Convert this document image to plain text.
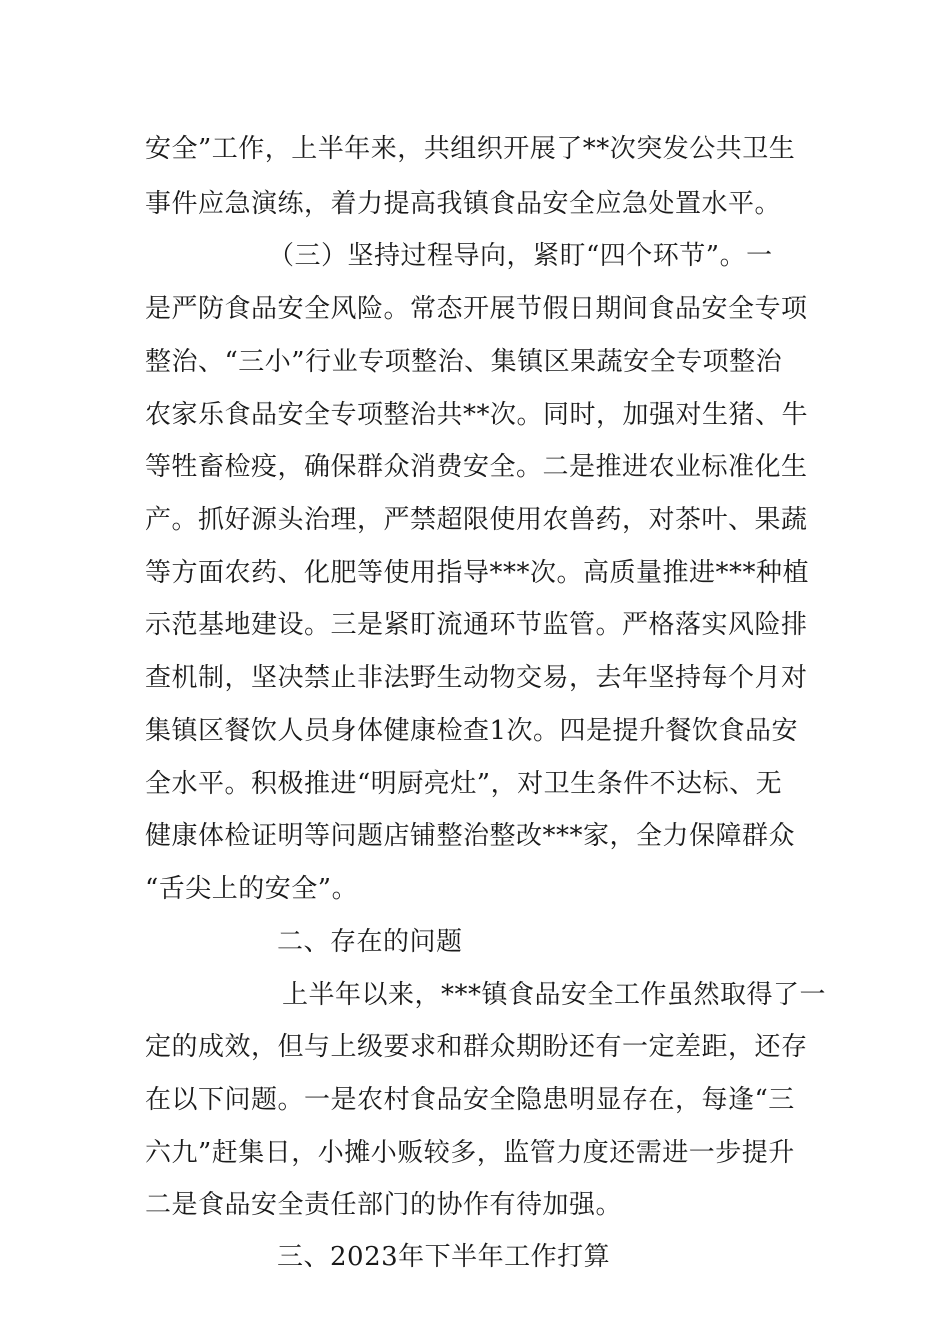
安全”工作，上半年来，共组织开展了**次突发公共卫生
事件应急演练，着力提高我镇食品安全应急处置水平。
（三）坚持过程导向，紧盯“四个环节”。一
是严防食品安全风险。常态开展节假日期间食品安全专项
整治、“三小”行业专项整治、集镇区果蔬安全专项整治
农家乐食品安全专项整治共**次。同时，加强对生猪、牛
等牲畜检疫，确保群众消费安全。二是推进农业标准化生
产。抓好源头治理，严禁超限使用农兽药，对茶叶、果蔬
等方面农药、化肥等使用指导***次。高质量推进***种植
示范基地建设。三是紧盯流通环节监管。严格落实风险排
查机制，坚决禁止非法野生动物交易，去年坚持每个月对
集镇区餐饮人员身体健康检查1次。四是提升餐饮食品安
全水平。积极推进“明厨亮灶”，对卫生条件不达标、无
健康体检证明等问题店铺整治整改***家，全力保障群众
“舌尖上的安全”。
二、存在的问题
上半年以来，***镇食品安全工作虽然取得了一
定的成效，但与上级要求和群众期盼还有一定差距，还存
在以下问题。一是农村食品安全隐患明显存在，每逢“三
六九”赶集日，小摊小贩较多，监管力度还需进一步提升
二是食品安全责任部门的协作有待加强。
三、2023年下半年工作打算
